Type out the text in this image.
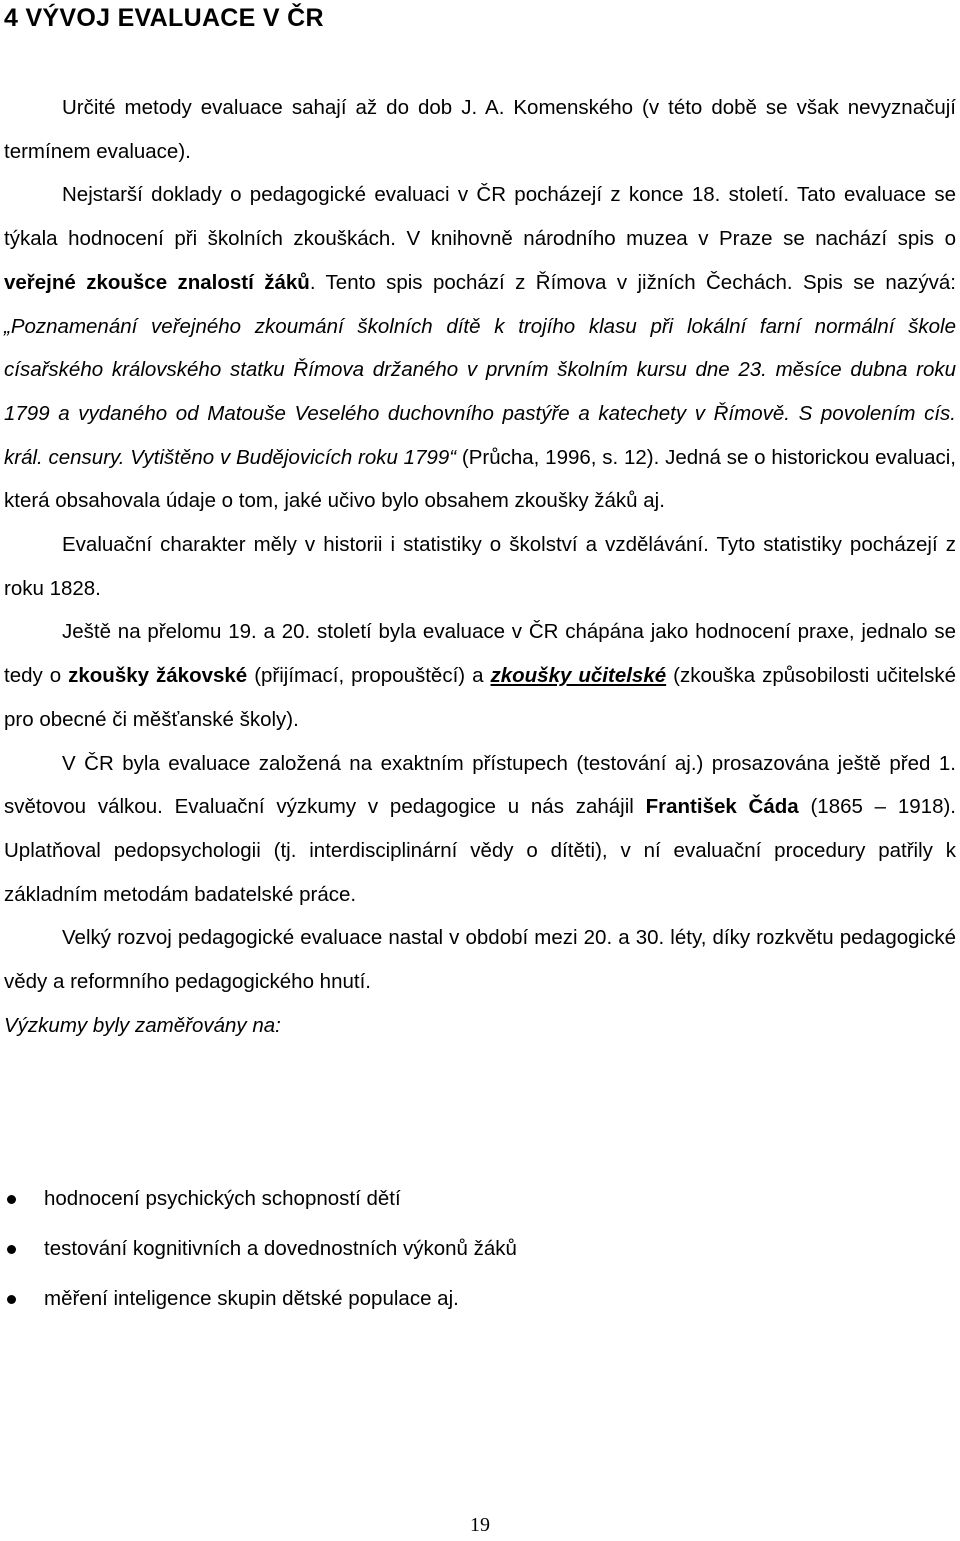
4 VÝVOJ EVALUACE V ČR

Určité metody evaluace sahají až do dob J. A. Komenského (v této době se však nevyznačují termínem evaluace).

Nejstarší doklady o pedagogické evaluaci v ČR pocházejí z konce 18. století. Tato evaluace se týkala hodnocení při školních zkouškách. V knihovně národního muzea v Praze se nachází spis o veřejné zkoušce znalostí žáků. Tento spis pochází z Římova v jižních Čechách. Spis se nazývá: „Poznamenání veřejného zkoumání školních dítě k trojího klasu při lokální farní normální škole císařského královského statku Římova držaného v prvním školním kursu dne 23. měsíce dubna roku 1799 a vydaného od Matouše Veselého duchovního pastýře a katechety v Římově. S povolením cís. král. censury. Vytištěno v Budějovicích roku 1799“ (Průcha, 1996, s. 12). Jedná se o historickou evaluaci, která obsahovala údaje o tom, jaké učivo bylo obsahem zkoušky žáků aj.

Evaluační charakter měly v historii i statistiky o školství a vzdělávání. Tyto statistiky pocházejí z roku 1828.

Ještě na přelomu 19. a 20. století byla evaluace v ČR chápána jako hodnocení praxe, jednalo se tedy o zkoušky žákovské (přijímací, propouštěcí) a zkoušky učitelské (zkouška způsobilosti učitelské pro obecné či měšťanské školy).

V ČR byla evaluace založená na exaktním přístupech (testování aj.) prosazována ještě před 1. světovou válkou. Evaluační výzkumy v pedagogice u nás zahájil František Čáda (1865 – 1918). Uplatňoval pedopsychologii (tj. interdisciplinární vědy o dítěti), v ní evaluační procedury patřily k základním metodám badatelské práce.

Velký rozvoj pedagogické evaluace nastal v období mezi 20. a 30. léty, díky rozkvětu pedagogické vědy a reformního pedagogického hnutí.

Výzkumy byly zaměřovány na:

hodnocení psychických schopností dětí
testování kognitivních a dovednostních výkonů žáků
měření inteligence skupin dětské populace aj.
19
